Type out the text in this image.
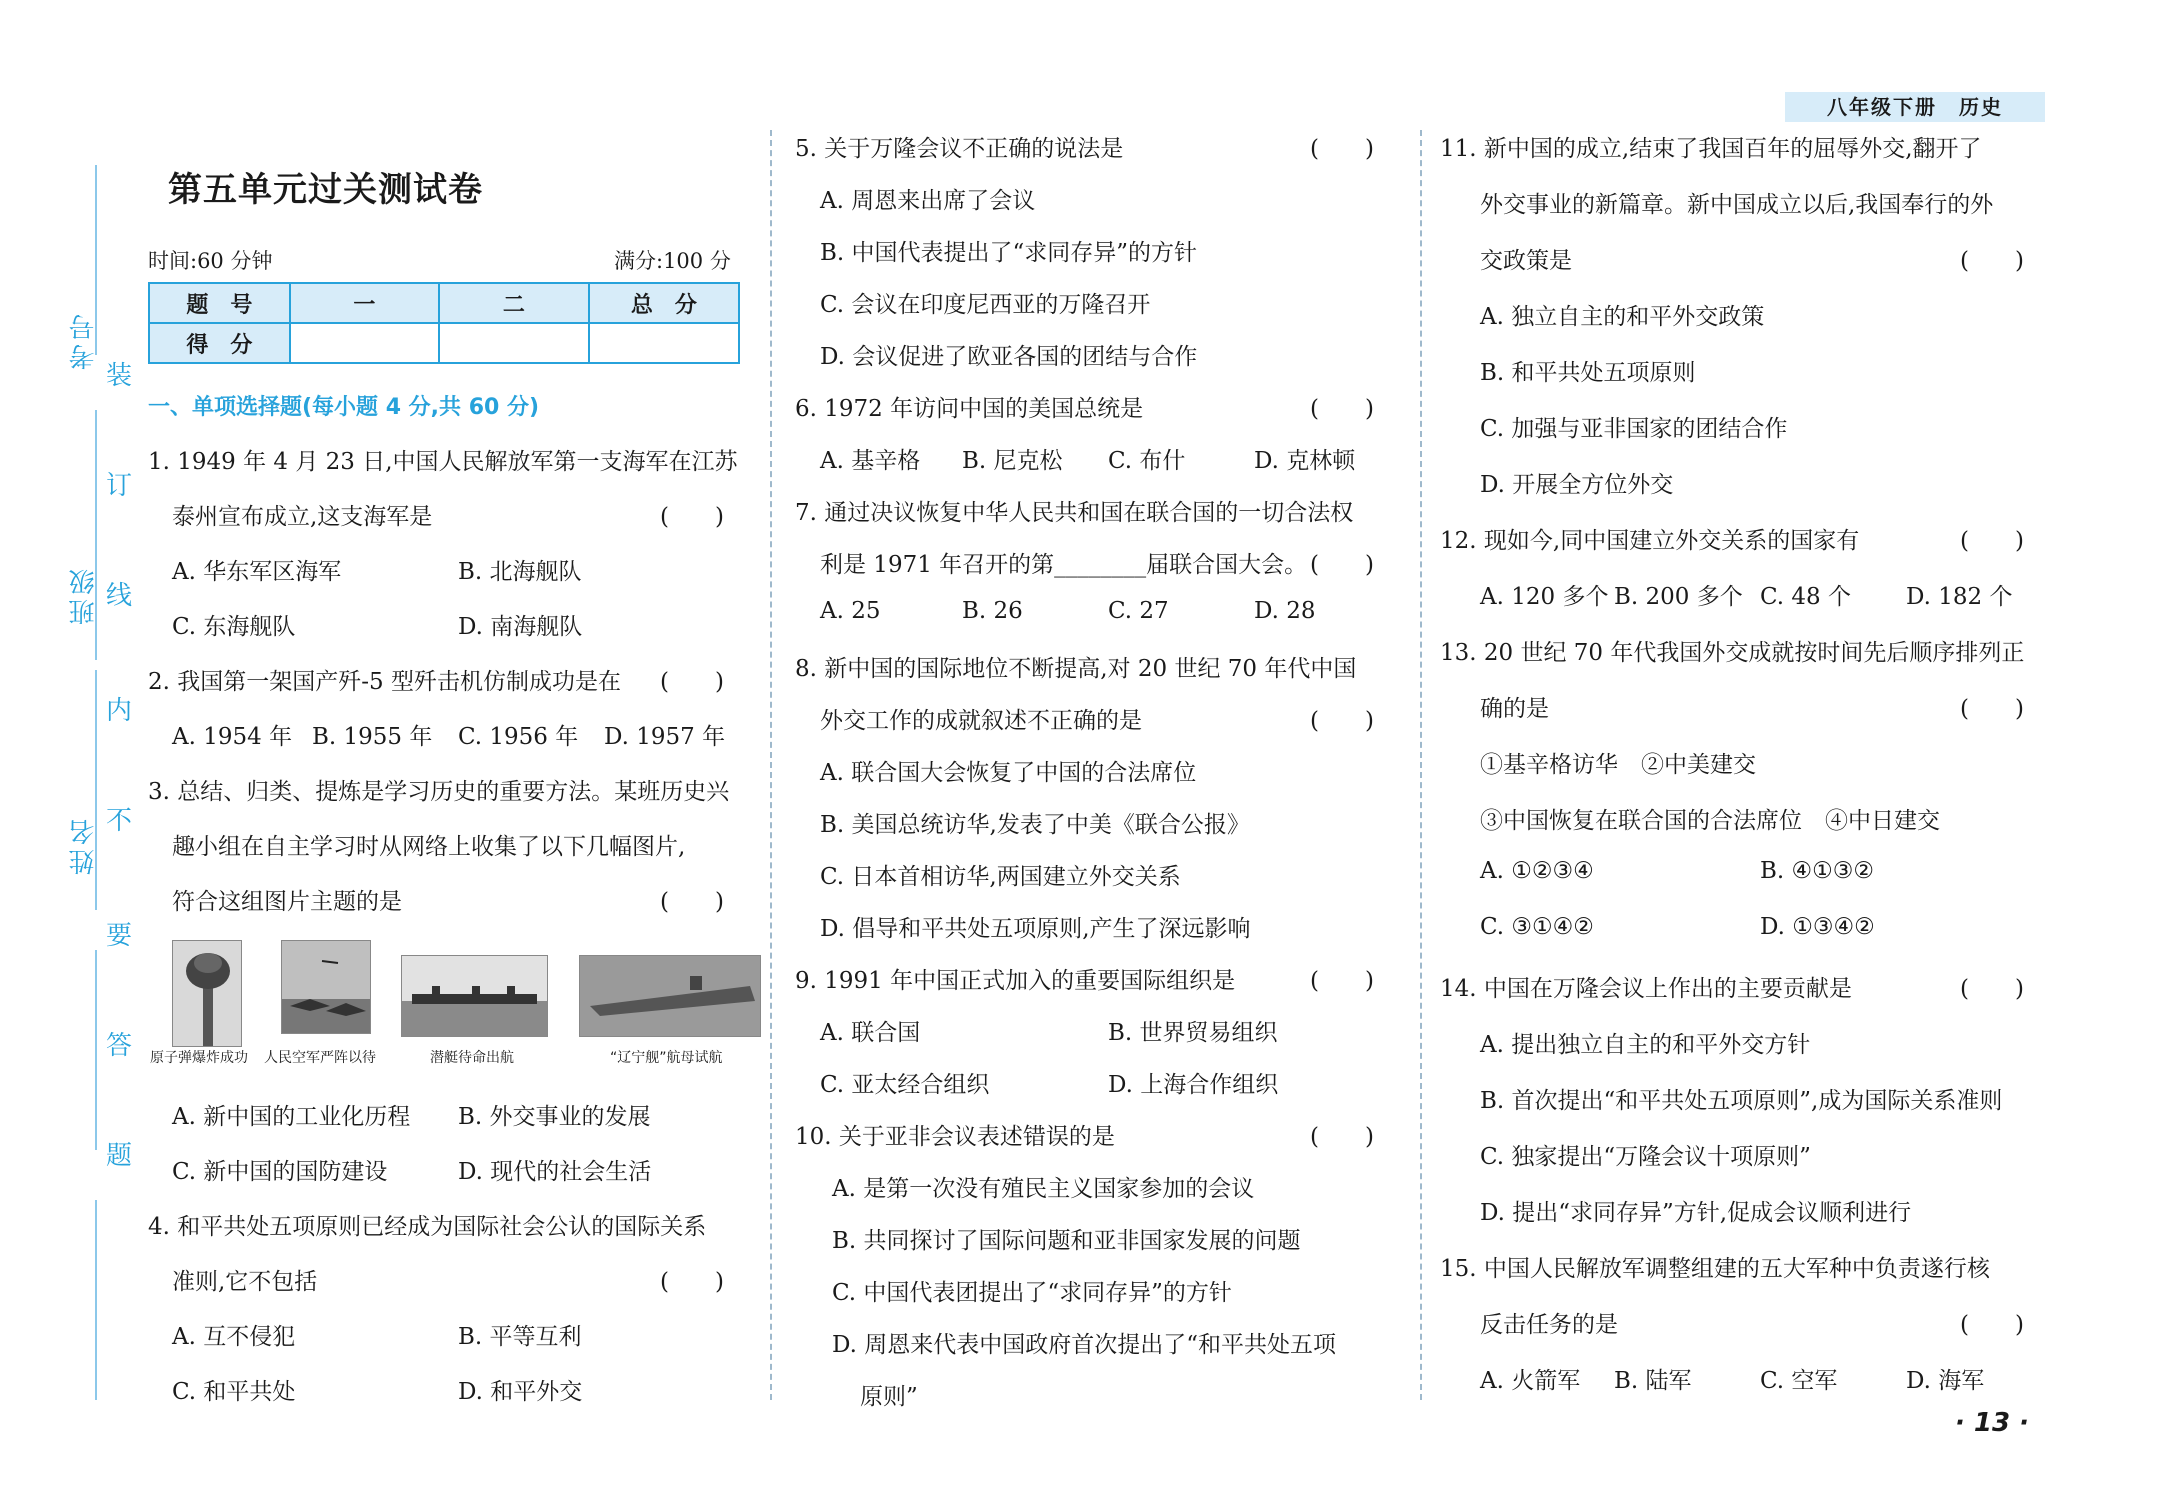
八年级下册　历史
考号
班级
姓名
装
订
线
内
不
要
答
题
第五单元过关测试卷
时间:60 分钟	满分:100 分
题　号	一	二	总　分
得　分			
一、单项选择题(每小题 4 分,共 60 分)
1. 1949 年 4 月 23 日,中国人民解放军第一支海军在江苏
泰州宣布成立,这支海军是	(　　)
A. 华东军区海军	B. 北海舰队
C. 东海舰队	D. 南海舰队
2. 我国第一架国产歼-5 型歼击机仿制成功是在 (　　)
A. 1954 年 B. 1955 年 C. 1956 年 D. 1957 年
3. 总结、归类、提炼是学习历史的重要方法。某班历史兴
趣小组在自主学习时从网络上收集了以下几幅图片,
符合这组图片主题的是	(　　)
原子弹爆炸成功 人民空军严阵以待	潜艇待命出航	“辽宁舰”航母试航
A. 新中国的工业化历程 B. 外交事业的发展
C. 新中国的国防建设	D. 现代的社会生活
4. 和平共处五项原则已经成为国际社会公认的国际关系
准则,它不包括	(　　)
A. 互不侵犯	B. 平等互利
C. 和平共处	D. 和平外交
5. 关于万隆会议不正确的说法是	(　　)
A. 周恩来出席了会议
B. 中国代表提出了“求同存异”的方针
C. 会议在印度尼西亚的万隆召开
D. 会议促进了欧亚各国的团结与合作
6. 1972 年访问中国的美国总统是	(　　)
A. 基辛格 B. 尼克松 C. 布什	D. 克林顿
7. 通过决议恢复中华人民共和国在联合国的一切合法权
利是 1971 年召开的第________届联合国大会。 (　　)
A. 25	B. 26	C. 27	D. 28
8. 新中国的国际地位不断提高,对 20 世纪 70 年代中国
外交工作的成就叙述不正确的是	(　　)
A. 联合国大会恢复了中国的合法席位
B. 美国总统访华,发表了中美《联合公报》
C. 日本首相访华,两国建立外交关系
D. 倡导和平共处五项原则,产生了深远影响
9. 1991 年中国正式加入的重要国际组织是	(　　)
A. 联合国	B. 世界贸易组织
C. 亚太经合组织	D. 上海合作组织
10. 关于亚非会议表述错误的是	(　　)
A. 是第一次没有殖民主义国家参加的会议
B. 共同探讨了国际问题和亚非国家发展的问题
C. 中国代表团提出了“求同存异”的方针
D. 周恩来代表中国政府首次提出了“和平共处五项
原则”
11. 新中国的成立,结束了我国百年的屈辱外交,翻开了
外交事业的新篇章。新中国成立以后,我国奉行的外
交政策是	(　　)
A. 独立自主的和平外交政策
B. 和平共处五项原则
C. 加强与亚非国家的团结合作
D. 开展全方位外交
12. 现如今,同中国建立外交关系的国家有	(　　)
A. 120 多个 B. 200 多个 C. 48 个 D. 182 个
13. 20 世纪 70 年代我国外交成就按时间先后顺序排列正
确的是	(　　)
①基辛格访华　②中美建交
③中国恢复在联合国的合法席位　④中日建交
A. ①②③④	B. ④①③②
C. ③①④②	D. ①③④②
14. 中国在万隆会议上作出的主要贡献是	(　　)
A. 提出独立自主的和平外交方针
B. 首次提出“和平共处五项原则”,成为国际关系准则
C. 独家提出“万隆会议十项原则”
D. 提出“求同存异”方针,促成会议顺利进行
15. 中国人民解放军调整组建的五大军种中负责遂行核
反击任务的是	(　　)
A. 火箭军 B. 陆军	C. 空军	D. 海军
· 13 ·
